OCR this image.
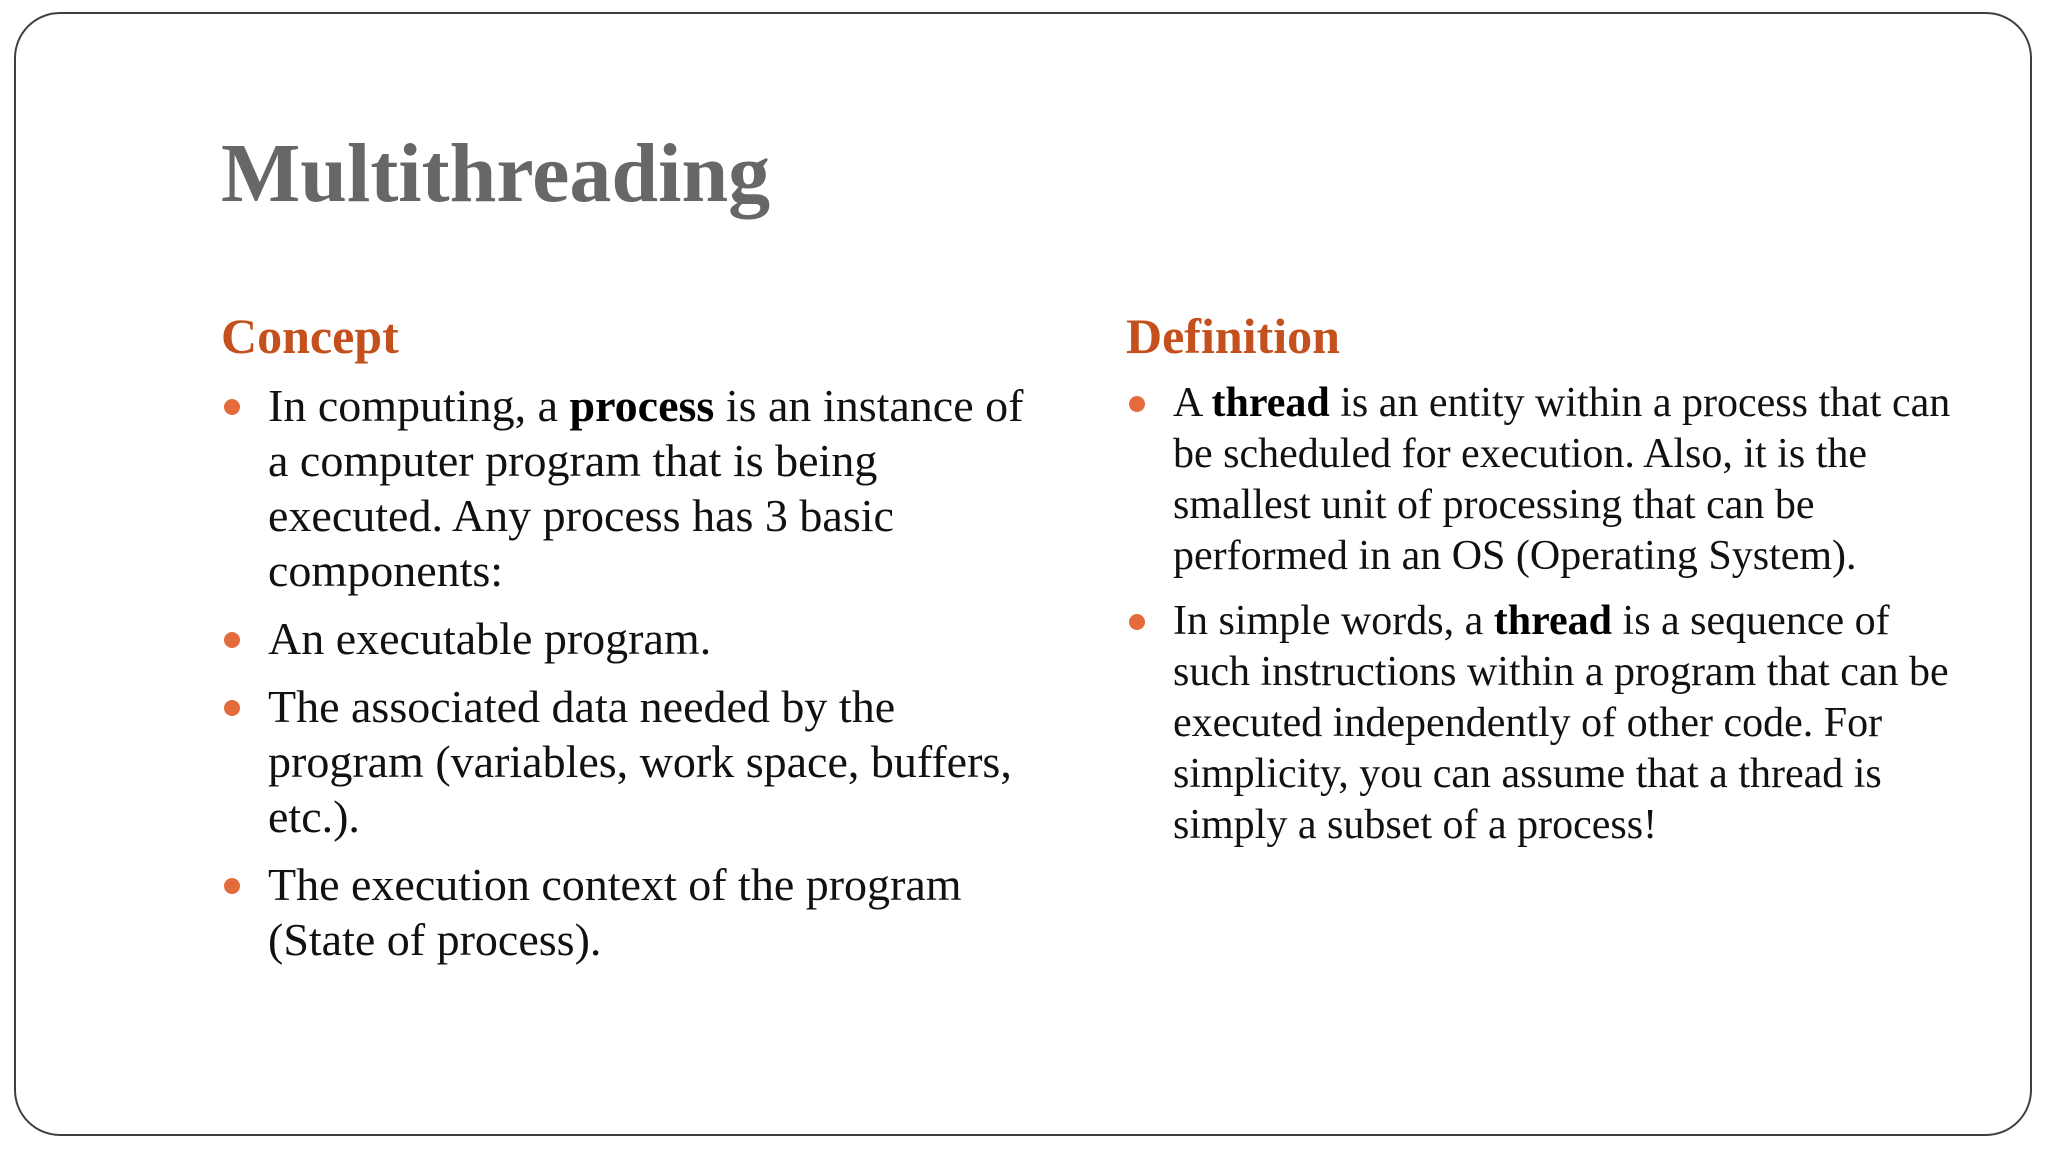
Multithreading
Concept
In computing, a process is an instance of a computer program that is being executed. Any process has 3 basic components:
An executable program.
The associated data needed by the program (variables, work space, buffers, etc.).
The execution context of the program (State of process).
Definition
A thread is an entity within a process that can be scheduled for execution. Also, it is the smallest unit of processing that can be performed in an OS (Operating System).
In simple words, a thread is a sequence of such instructions within a program that can be executed independently of other code. For simplicity, you can assume that a thread is simply a subset of a process!
